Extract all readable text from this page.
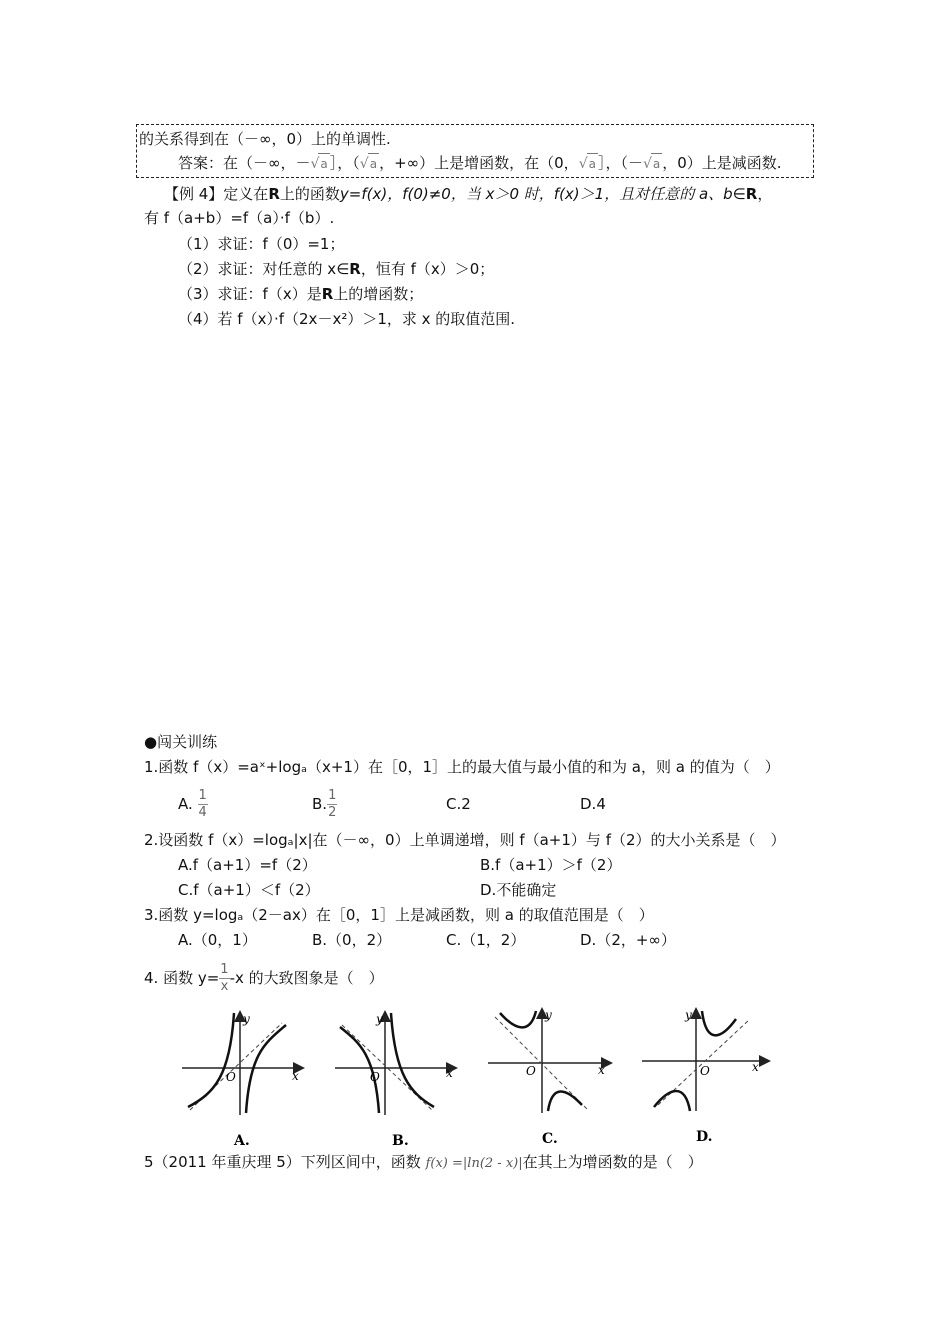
的关系得到在（－∞，0）上的单调性.
答案：在（－∞，－√a ］，（√a ，+∞）上是增函数，在（0，√a ］，（－√a ，0）上是减函数.
【例 4】定义在R上的函数y=f(x)，f(0)≠0，当 x＞0 时，f(x)＞1，且对任意的 a、b∈R，
有 f（a+b）=f（a）·f（b）.
（1）求证：f（0）=1；
（2）求证：对任意的 x∈R，恒有 f（x）＞0；
（3）求证：f（x）是R上的增函数；
（4）若 f（x）·f（2x－x²）＞1，求 x 的取值范围.
●闯关训练
1.函数 f（x）=aˣ+logₐ（x+1）在［0，1］上的最大值与最小值的和为 a，则 a 的值为（　）
A. $\frac{1}{4}$	B. $\frac{1}{2}$	C.2	D.4
2.设函数 f（x）=logₐ|x|在（－∞，0）上单调递增，则 f（a+1）与 f（2）的大小关系是（　）
A.f（a+1）=f（2）	B.f（a+1）＞f（2）
C.f（a+1）＜f（2）	D.不能确定
3.函数 y=logₐ（2－ax）在［0，1］上是减函数，则 a 的取值范围是（　）
A.（0，1）	B.（0，2）	C.（1，2）	D.（2，+∞）
4. 函数 $y= \frac{1}{x} -x$ 的大致图象是（　）
y
x
O
A.
y
x
O
B.
y
x
O
C.
y
x
O
D.
5（2011 年重庆理 5）下列区间中，函数 f(x) =|ln(2 - x)|在其上为增函数的是（　）
